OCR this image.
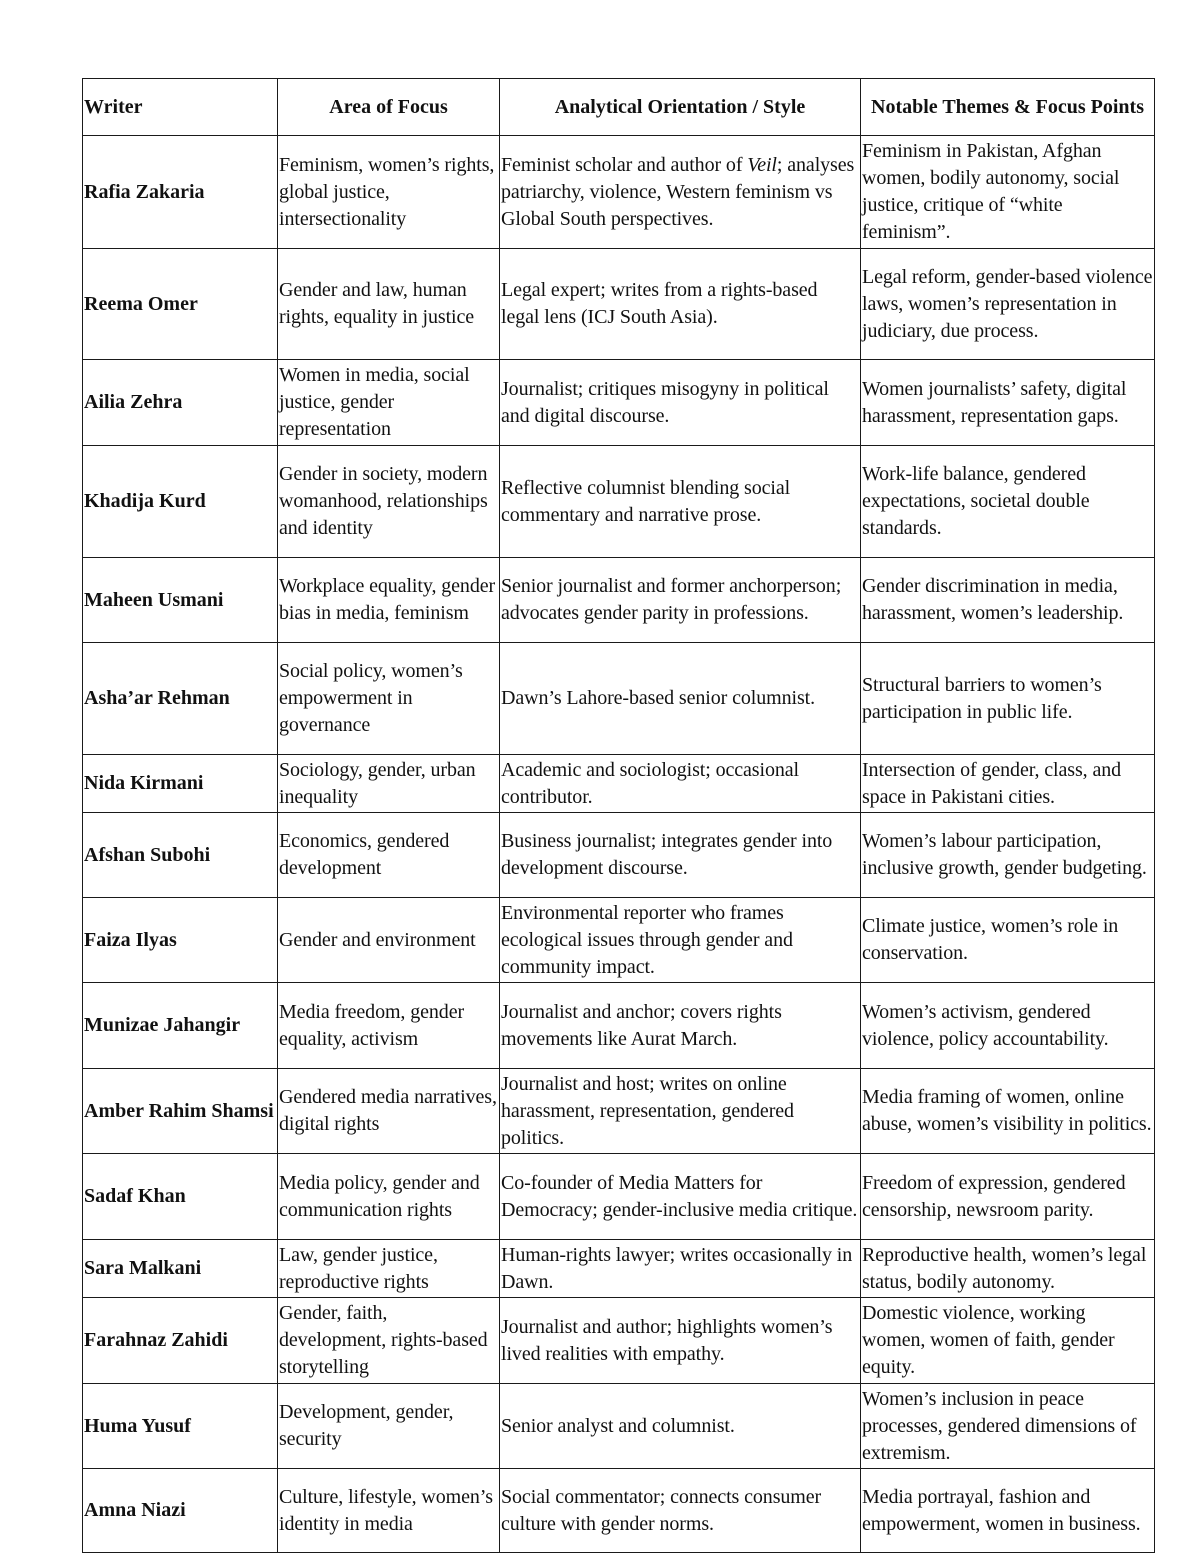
Writer	Area of Focus	Analytical Orientation / Style	Notable Themes & Focus Points
Rafia Zakaria	Feminism, women’s rights, global justice, intersectionality	Feminist scholar and author of Veil; analyses patriarchy, violence, Western feminism vs Global South perspectives.	Feminism in Pakistan, Afghan women, bodily autonomy, social justice, critique of “white feminism”.
Reema Omer	Gender and law, human rights, equality in justice	Legal expert; writes from a rights-based legal lens (ICJ South Asia).	Legal reform, gender-based violence laws, women’s representation in judiciary, due process.
Ailia Zehra	Women in media, social justice, gender representation	Journalist; critiques misogyny in political and digital discourse.	Women journalists’ safety, digital harassment, representation gaps.
Khadija Kurd	Gender in society, modern womanhood, relationships and identity	Reflective columnist blending social commentary and narrative prose.	Work-life balance, gendered expectations, societal double standards.
Maheen Usmani	Workplace equality, gender bias in media, feminism	Senior journalist and former anchorperson; advocates gender parity in professions.	Gender discrimination in media, harassment, women’s leadership.
Asha’ar Rehman	Social policy, women’s empowerment in governance	Dawn’s Lahore-based senior columnist.	Structural barriers to women’s participation in public life.
Nida Kirmani	Sociology, gender, urban inequality	Academic and sociologist; occasional contributor.	Intersection of gender, class, and space in Pakistani cities.
Afshan Subohi	Economics, gendered development	Business journalist; integrates gender into development discourse.	Women’s labour participation, inclusive growth, gender budgeting.
Faiza Ilyas	Gender and environment	Environmental reporter who frames ecological issues through gender and community impact.	Climate justice, women’s role in conservation.
Munizae Jahangir	Media freedom, gender equality, activism	Journalist and anchor; covers rights movements like Aurat March.	Women’s activism, gendered violence, policy accountability.
Amber Rahim Shamsi	Gendered media narratives, digital rights	Journalist and host; writes on online harassment, representation, gendered politics.	Media framing of women, online abuse, women’s visibility in politics.
Sadaf Khan	Media policy, gender and communication rights	Co-founder of Media Matters for Democracy; gender-inclusive media critique.	Freedom of expression, gendered censorship, newsroom parity.
Sara Malkani	Law, gender justice, reproductive rights	Human-rights lawyer; writes occasionally in Dawn.	Reproductive health, women’s legal status, bodily autonomy.
Farahnaz Zahidi	Gender, faith, development, rights-based storytelling	Journalist and author; highlights women’s lived realities with empathy.	Domestic violence, working women, women of faith, gender equity.
Huma Yusuf	Development, gender, security	Senior analyst and columnist.	Women’s inclusion in peace processes, gendered dimensions of extremism.
Amna Niazi	Culture, lifestyle, women’s identity in media	Social commentator; connects consumer culture with gender norms.	Media portrayal, fashion and empowerment, women in business.
